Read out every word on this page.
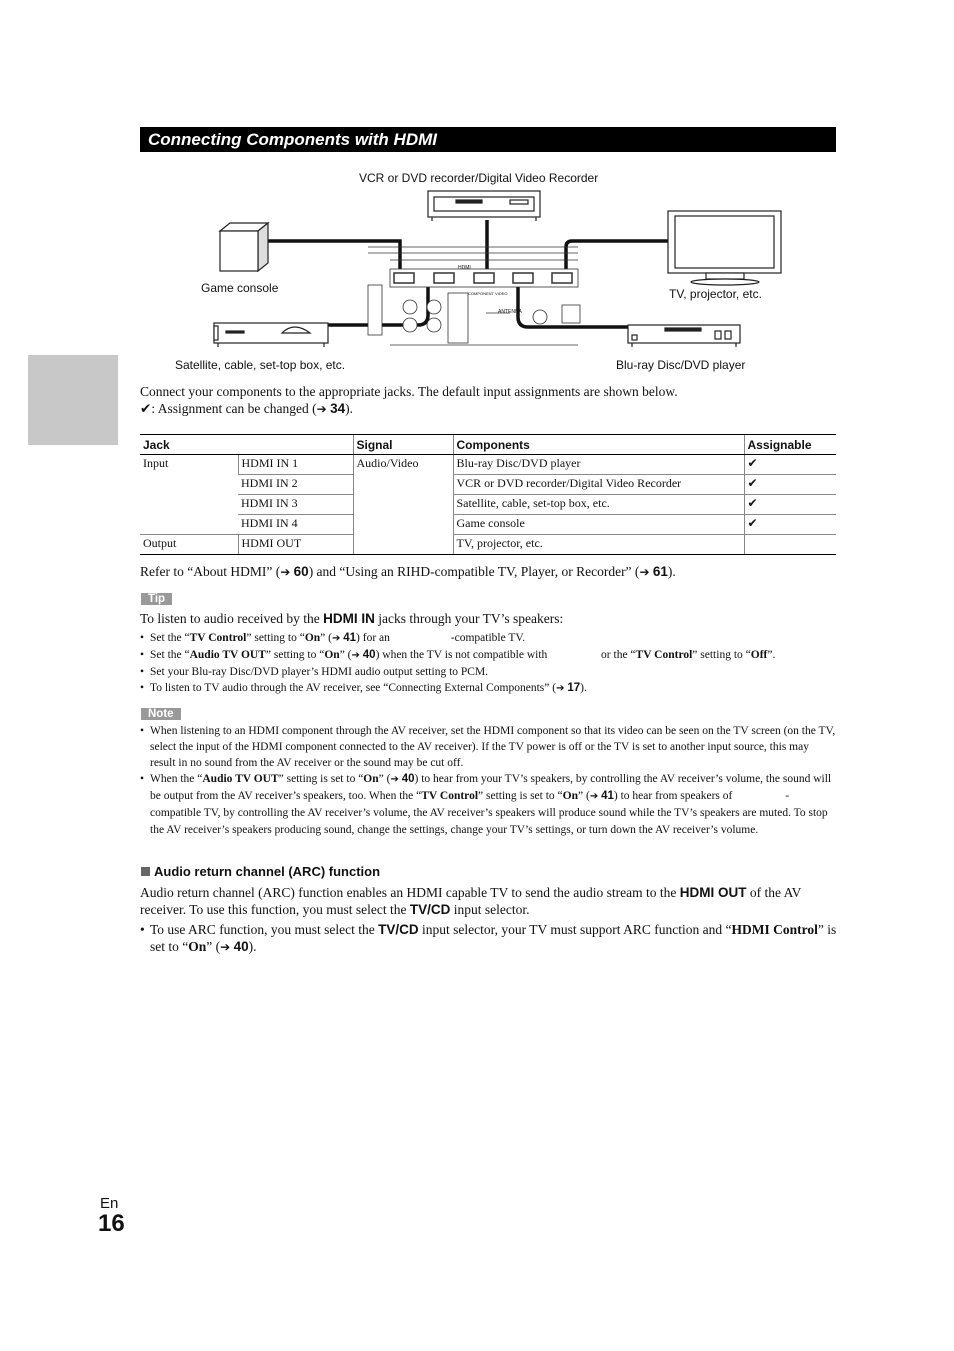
Connecting Components with HDMI
VCR or DVD recorder/Digital Video Recorder
Game console	TV, projector, etc.
Satellite, cable, set-top box, etc.	Blu-ray Disc/DVD player
HDMI
COMPONENT VIDEO
ANTENNA
Connect your components to the appropriate jacks. The default input assignments are shown below.
✔: Assignment can be changed (➔ 34).
Jack		Signal	Components	Assignable
Input	HDMI IN 1	Audio/Video	Blu-ray Disc/DVD player	✔
	HDMI IN 2		VCR or DVD recorder/Digital Video Recorder	✔
	HDMI IN 3		Satellite, cable, set-top box, etc.	✔
	HDMI IN 4		Game console	✔
Output	HDMI OUT		TV, projector, etc.	
Refer to “About HDMI” (➔ 60) and “Using an RIHD-compatible TV, Player, or Recorder” (➔ 61).
Tip
To listen to audio received by the HDMI IN jacks through your TV’s speakers:
• Set the “TV Control” setting to “On” (➔ 41) for an	-compatible TV.
• Set the “Audio TV OUT” setting to “On” (➔ 40) when the TV is not compatible with	or the “TV Control” setting to “Off”.
• Set your Blu-ray Disc/DVD player’s HDMI audio output setting to PCM.
• To listen to TV audio through the AV receiver, see “Connecting External Components” (➔ 17).
Note
• When listening to an HDMI component through the AV receiver, set the HDMI component so that its video can be seen on the TV screen (on the TV, select the input of the HDMI component connected to the AV receiver). If the TV power is off or the TV is set to another input source, this may result in no sound from the AV receiver or the sound may be cut off.
• When the “Audio TV OUT” setting is set to “On” (➔ 40) to hear from your TV’s speakers, by controlling the AV receiver’s volume, the sound will be output from the AV receiver’s speakers, too. When the “TV Control” setting is set to “On” (➔ 41) to hear from speakers of	-compatible TV, by controlling the AV receiver’s volume, the AV receiver’s speakers will produce sound while the TV’s speakers are muted. To stop the AV receiver’s speakers producing sound, change the settings, change your TV’s settings, or turn down the AV receiver’s volume.
Audio return channel (ARC) function
Audio return channel (ARC) function enables an HDMI capable TV to send the audio stream to the HDMI OUT of the AV receiver. To use this function, you must select the TV/CD input selector.
• To use ARC function, you must select the TV/CD input selector, your TV must support ARC function and “HDMI Control” is set to “On” (➔ 40).
En
16
